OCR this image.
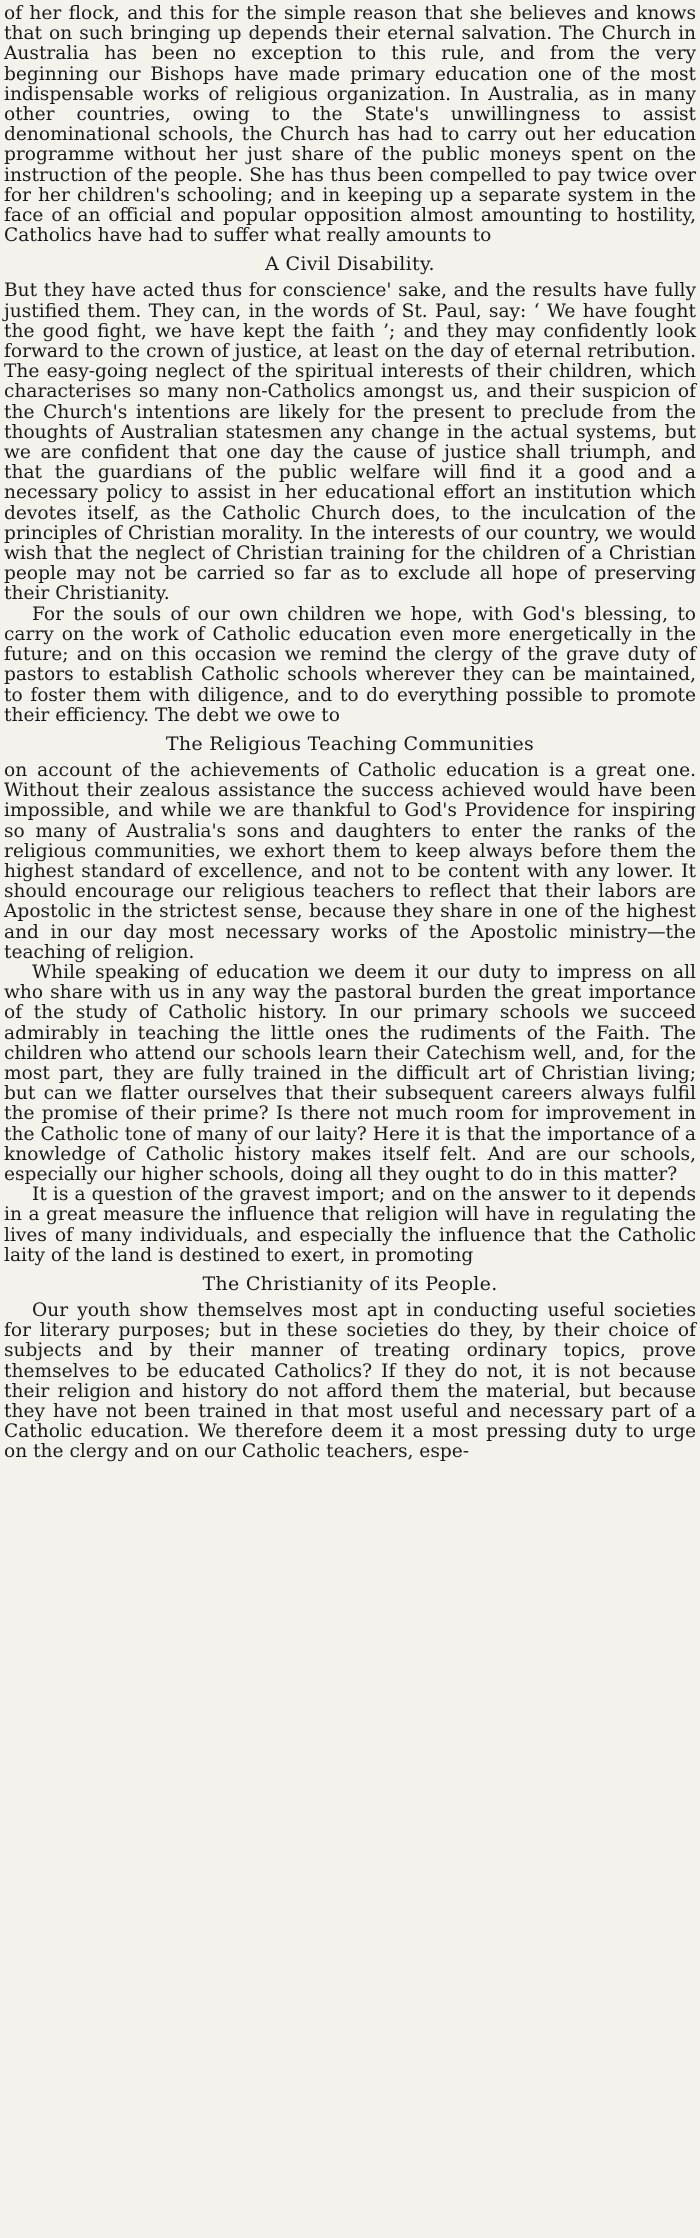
of her flock, and this for the simple reason that she believes and knows that on such bringing up depends their eternal salvation. The Church in Australia has been no exception to this rule, and from the very beginning our Bishops have made primary education one of the most indispensable works of religious organization. In Australia, as in many other countries, owing to the State's unwillingness to assist denominational schools, the Church has had to carry out her education programme without her just share of the public moneys spent on the instruction of the people. She has thus been compelled to pay twice over for her children's schooling; and in keeping up a separate system in the face of an official and popular opposition almost amounting to hostility, Catholics have had to suffer what really amounts to

A Civil Disability.

But they have acted thus for conscience' sake, and the results have fully justified them. They can, in the words of St. Paul, say: ‘ We have fought the good fight, we have kept the faith ’; and they may confidently look forward to the crown of justice, at least on the day of eternal retribution. The easy-going neglect of the spiritual interests of their children, which characterises so many non-Catholics amongst us, and their suspicion of the Church's intentions are likely for the present to preclude from the thoughts of Australian statesmen any change in the actual systems, but we are confident that one day the cause of justice shall triumph, and that the guardians of the public welfare will find it a good and a necessary policy to assist in her educational effort an institution which devotes itself, as the Catholic Church does, to the inculcation of the principles of Christian morality. In the interests of our country, we would wish that the neglect of Christian training for the children of a Christian people may not be carried so far as to exclude all hope of preserving their Christianity.

For the souls of our own children we hope, with God's blessing, to carry on the work of Catholic education even more energetically in the future; and on this occasion we remind the clergy of the grave duty of pastors to establish Catholic schools wherever they can be maintained, to foster them with diligence, and to do everything possible to promote their efficiency. The debt we owe to

The Religious Teaching Communities

on account of the achievements of Catholic education is a great one. Without their zealous assistance the success achieved would have been impossible, and while we are thankful to God's Providence for inspiring so many of Australia's sons and daughters to enter the ranks of the religious communities, we exhort them to keep always before them the highest standard of excellence, and not to be content with any lower. It should encourage our religious teachers to reflect that their labors are Apostolic in the strictest sense, because they share in one of the highest and in our day most necessary works of the Apostolic ministry—the teaching of religion.

While speaking of education we deem it our duty to impress on all who share with us in any way the pastoral burden the great importance of the study of Catholic history. In our primary schools we succeed admirably in teaching the little ones the rudiments of the Faith. The children who attend our schools learn their Catechism well, and, for the most part, they are fully trained in the difficult art of Christian living; but can we flatter ourselves that their subsequent careers always fulfil the promise of their prime? Is there not much room for improvement in the Catholic tone of many of our laity? Here it is that the importance of a knowledge of Catholic history makes itself felt. And are our schools, especially our higher schools, doing all they ought to do in this matter?

It is a question of the gravest import; and on the answer to it depends in a great measure the influence that religion will have in regulating the lives of many individuals, and especially the influence that the Catholic laity of the land is destined to exert, in promoting

The Christianity of its People.

Our youth show themselves most apt in conducting useful societies for literary purposes; but in these societies do they, by their choice of subjects and by their manner of treating ordinary topics, prove themselves to be educated Catholics? If they do not, it is not because their religion and history do not afford them the material, but because they have not been trained in that most useful and necessary part of a Catholic education. We therefore deem it a most pressing duty to urge on the clergy and on our Catholic teachers, espe-
